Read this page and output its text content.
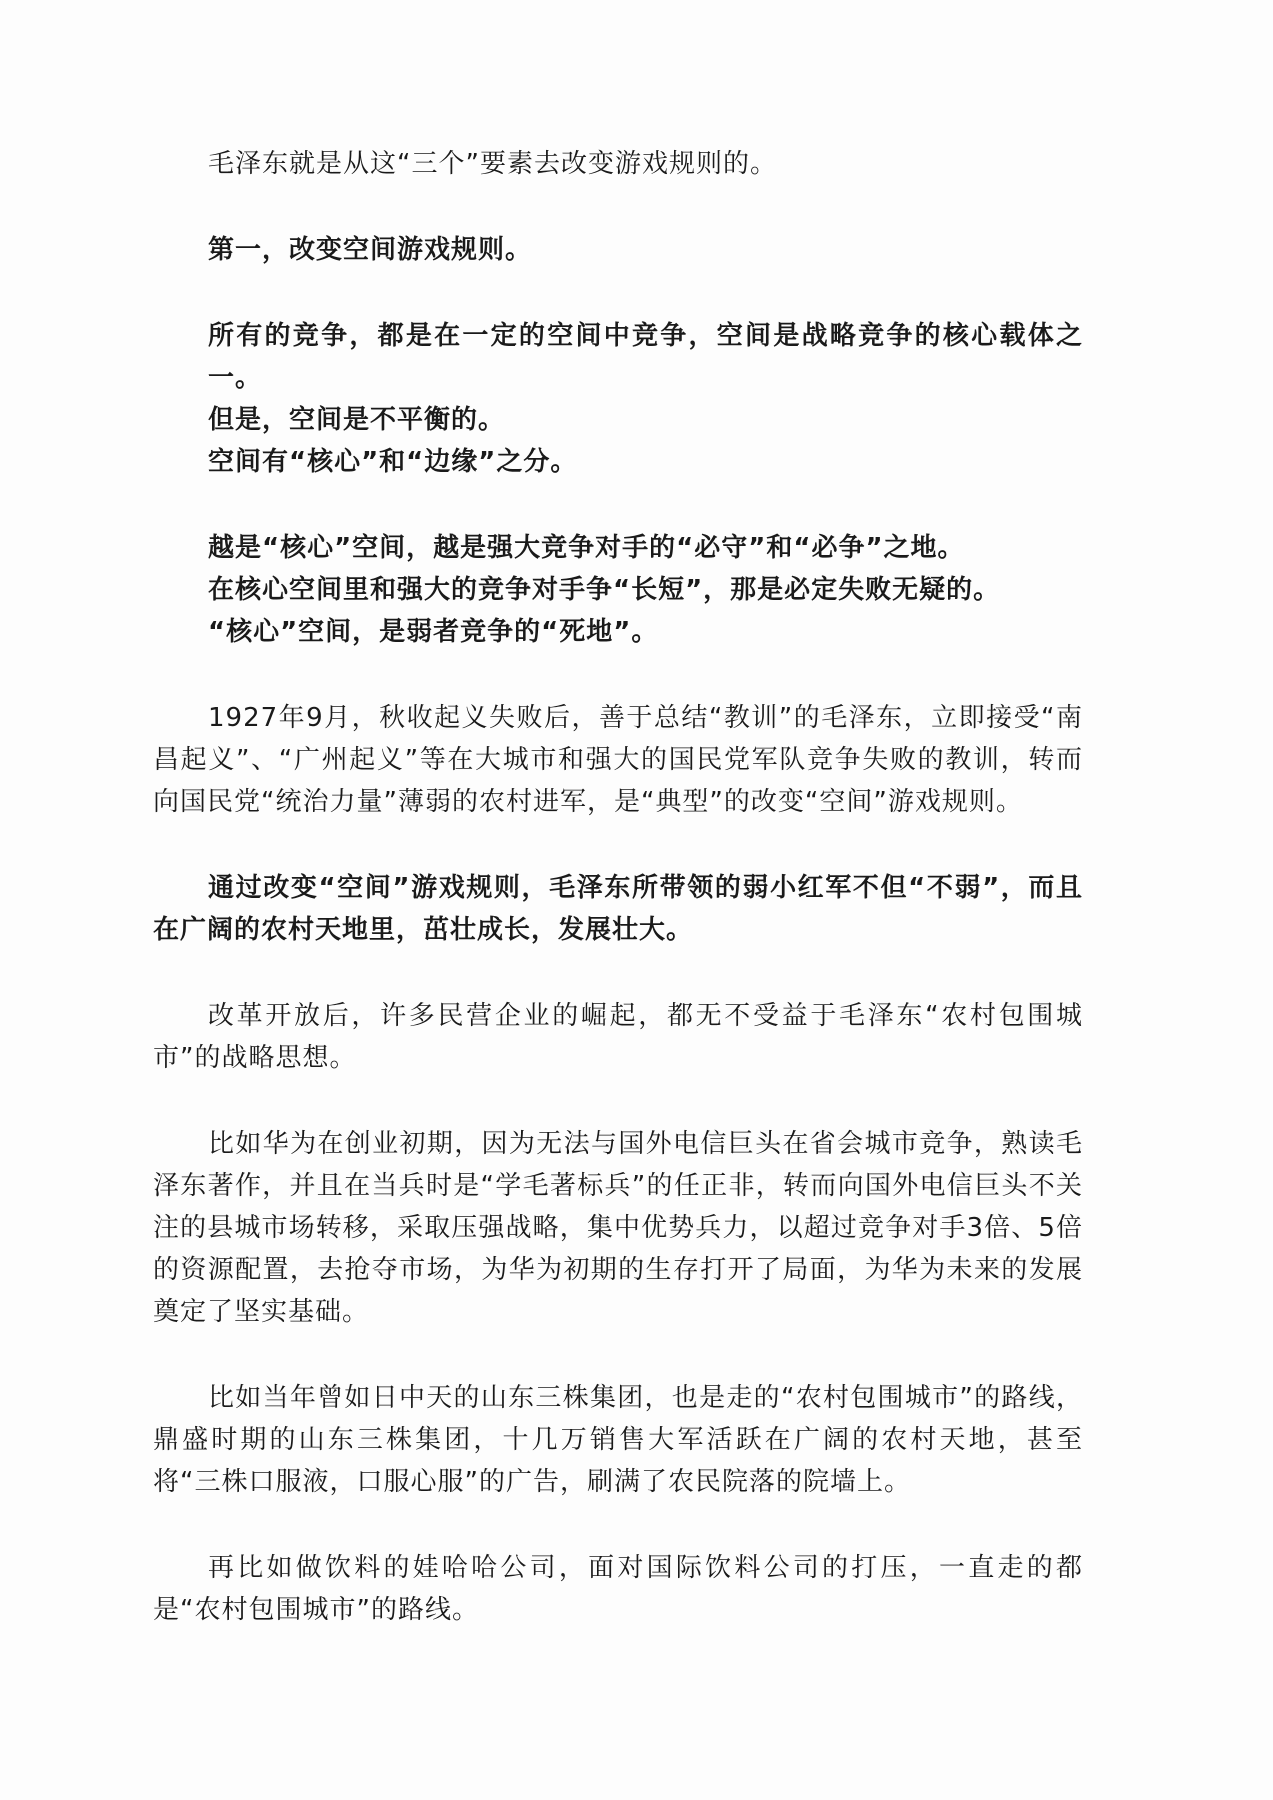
毛泽东就是从这“三个”要素去改变游戏规则的。

第一，改变空间游戏规则。

所有的竞争，都是在一定的空间中竞争，空间是战略竞争的核心载体之一。
但是，空间是不平衡的。
空间有“核心”和“边缘”之分。

越是“核心”空间，越是强大竞争对手的“必守”和“必争”之地。
在核心空间里和强大的竞争对手争“长短”，那是必定失败无疑的。
“核心”空间，是弱者竞争的“死地”。

1927年9月，秋收起义失败后，善于总结“教训”的毛泽东，立即接受“南昌起义”、“广州起义”等在大城市和强大的国民党军队竞争失败的教训，转而向国民党“统治力量”薄弱的农村进军，是“典型”的改变“空间”游戏规则。

通过改变“空间”游戏规则，毛泽东所带领的弱小红军不但“不弱”，而且在广阔的农村天地里，茁壮成长，发展壮大。

改革开放后，许多民营企业的崛起，都无不受益于毛泽东“农村包围城市”的战略思想。

比如华为在创业初期，因为无法与国外电信巨头在省会城市竞争，熟读毛泽东著作，并且在当兵时是“学毛著标兵”的任正非，转而向国外电信巨头不关注的县城市场转移，采取压强战略，集中优势兵力，以超过竞争对手3倍、5倍的资源配置，去抢夺市场，为华为初期的生存打开了局面，为华为未来的发展奠定了坚实基础。

比如当年曾如日中天的山东三株集团，也是走的“农村包围城市”的路线，鼎盛时期的山东三株集团，十几万销售大军活跃在广阔的农村天地，甚至将“三株口服液，口服心服”的广告，刷满了农民院落的院墙上。

再比如做饮料的娃哈哈公司，面对国际饮料公司的打压，一直走的都是“农村包围城市”的路线。
